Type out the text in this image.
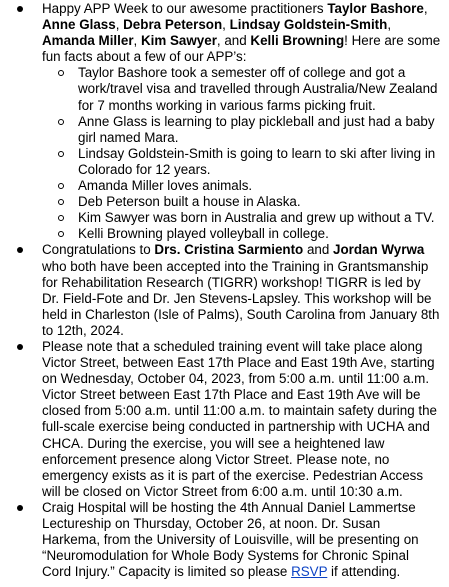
Happy APP Week to our awesome practitioners Taylor Bashore, Anne Glass, Debra Peterson, Lindsay Goldstein-Smith, Amanda Miller, Kim Sawyer, and Kelli Browning! Here are some fun facts about a few of our APP’s:
Taylor Bashore took a semester off of college and got a work/travel visa and travelled through Australia/New Zealand for 7 months working in various farms picking fruit.
Anne Glass is learning to play pickleball and just had a baby girl named Mara.
Lindsay Goldstein-Smith is going to learn to ski after living in Colorado for 12 years.
Amanda Miller loves animals.
Deb Peterson built a house in Alaska.
Kim Sawyer was born in Australia and grew up without a TV.
Kelli Browning played volleyball in college.
Congratulations to Drs. Cristina Sarmiento and Jordan Wyrwa who both have been accepted into the Training in Grantsmanship for Rehabilitation Research (TIGRR) workshop! TIGRR is led by Dr. Field-Fote and Dr. Jen Stevens-Lapsley. This workshop will be held in Charleston (Isle of Palms), South Carolina from January 8th to 12th, 2024.
Please note that a scheduled training event will take place along Victor Street, between East 17th Place and East 19th Ave, starting on Wednesday, October 04, 2023, from 5:00 a.m. until 11:00 a.m. Victor Street between East 17th Place and East 19th Ave will be closed from 5:00 a.m. until 11:00 a.m. to maintain safety during the full-scale exercise being conducted in partnership with UCHA and CHCA. During the exercise, you will see a heightened law enforcement presence along Victor Street. Please note, no emergency exists as it is part of the exercise. Pedestrian Access will be closed on Victor Street from 6:00 a.m. until 10:30 a.m.
Craig Hospital will be hosting the 4th Annual Daniel Lammertse Lectureship on Thursday, October 26, at noon. Dr. Susan Harkema, from the University of Louisville, will be presenting on “Neuromodulation for Whole Body Systems for Chronic Spinal Cord Injury.” Capacity is limited so please RSVP if attending.
